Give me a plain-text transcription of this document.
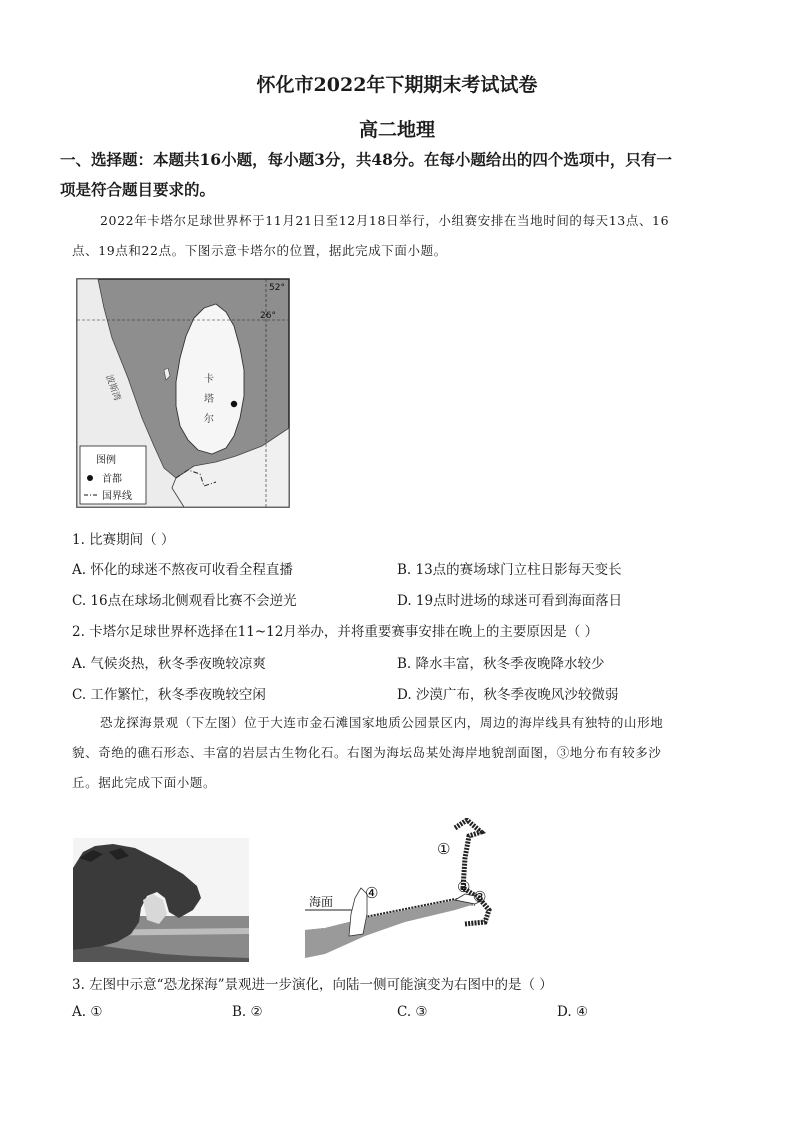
怀化市2022年下期期末考试试卷
高二地理
一、选择题：本题共16小题，每小题3分，共48分。在每小题给出的四个选项中，只有一
项是符合题目要求的。
2022年卡塔尔足球世界杯于11月21日至12月18日举行，小组赛安排在当地时间的每天13点、16
点、19点和22点。下图示意卡塔尔的位置，据此完成下面小题。
52°
26°
卡
塔
尔
波斯湾
图例
首都
国界线
1. 比赛期间（ ）
A. 怀化的球迷不熬夜可收看全程直播	B. 13点的赛场球门立柱日影每天变长
C. 16点在球场北侧观看比赛不会逆光	D. 19点时进场的球迷可看到海面落日
2. 卡塔尔足球世界杯选择在11~12月举办，并将重要赛事安排在晚上的主要原因是（ ）
A. 气候炎热，秋冬季夜晚较凉爽	B. 降水丰富，秋冬季夜晚降水较少
C. 工作繁忙，秋冬季夜晚较空闲	D. 沙漠广布，秋冬季夜晚风沙较微弱
恐龙探海景观（下左图）位于大连市金石滩国家地质公园景区内，周边的海岸线具有独特的山形地
貌、奇绝的礁石形态、丰富的岩层古生物化石。右图为海坛岛某处海岸地貌剖面图，③地分布有较多沙
丘。据此完成下面小题。
海面
①
②
③
④
3. 左图中示意“恐龙探海”景观进一步演化，向陆一侧可能演变为右图中的是（ ）
A. ①	B. ②	C. ③	D. ④
